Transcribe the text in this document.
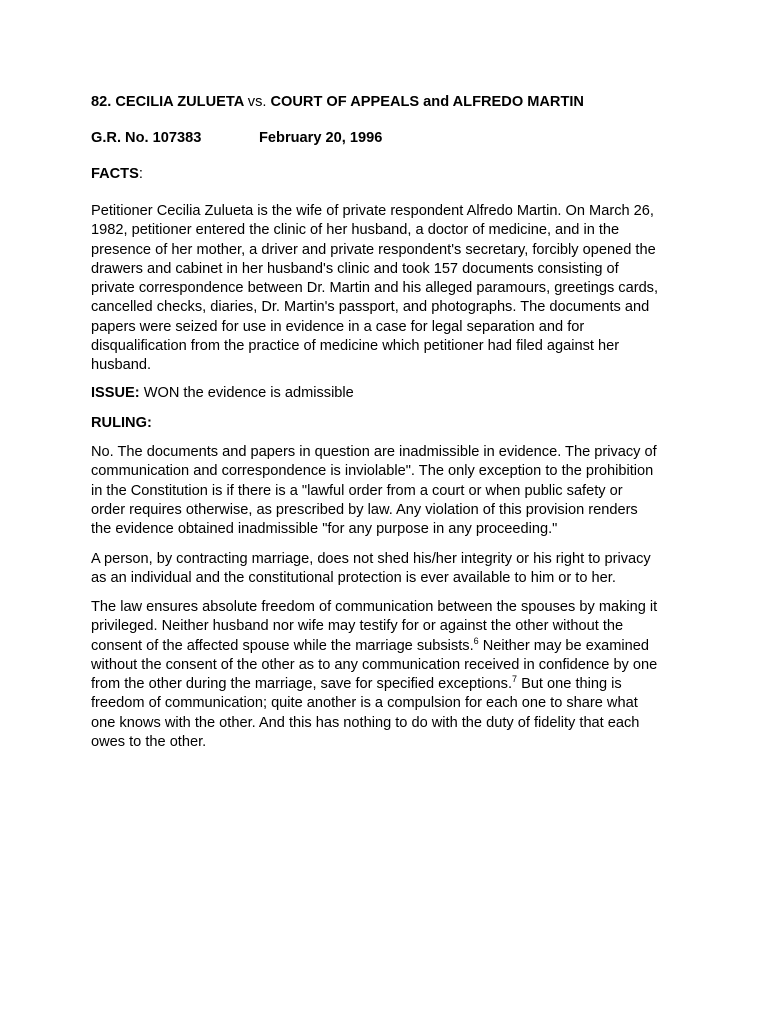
82. CECILIA ZULUETA vs. COURT OF APPEALS and ALFREDO MARTIN
G.R. No. 107383	February 20, 1996
FACTS:

Petitioner Cecilia Zulueta is the wife of private respondent Alfredo Martin. On March 26,

1982, petitioner entered the clinic of her husband, a doctor of medicine, and in the

presence of her mother, a driver and private respondent's secretary, forcibly opened the

drawers and cabinet in her husband's clinic and took 157 documents consisting of

private correspondence between Dr. Martin and his alleged paramours, greetings cards,

cancelled checks, diaries, Dr. Martin's passport, and photographs. The documents and

papers were seized for use in evidence in a case for legal separation and for

disqualification from the practice of medicine which petitioner had filed against her

husband.

ISSUE: WON the evidence is admissible
RULING:

No. The documents and papers in question are inadmissible in evidence. The privacy of

communication and correspondence is inviolable". The only exception to the prohibition

in the Constitution is if there is a "lawful order from a court or when public safety or

order requires otherwise, as prescribed by law. Any violation of this provision renders

the evidence obtained inadmissible "for any purpose in any proceeding."

A person, by contracting marriage, does not shed his/her integrity or his right to privacy

as an individual and the constitutional protection is ever available to him or to her.

The law ensures absolute freedom of communication between the spouses by making it

privileged. Neither husband nor wife may testify for or against the other without the

consent of the affected spouse while the marriage subsists.$^6$ Neither may be examined

without the consent of the other as to any communication received in confidence by one

from the other during the marriage, save for specified exceptions.$^7$ But one thing is

freedom of communication; quite another is a compulsion for each one to share what

one knows with the other. And this has nothing to do with the duty of fidelity that each

owes to the other.
